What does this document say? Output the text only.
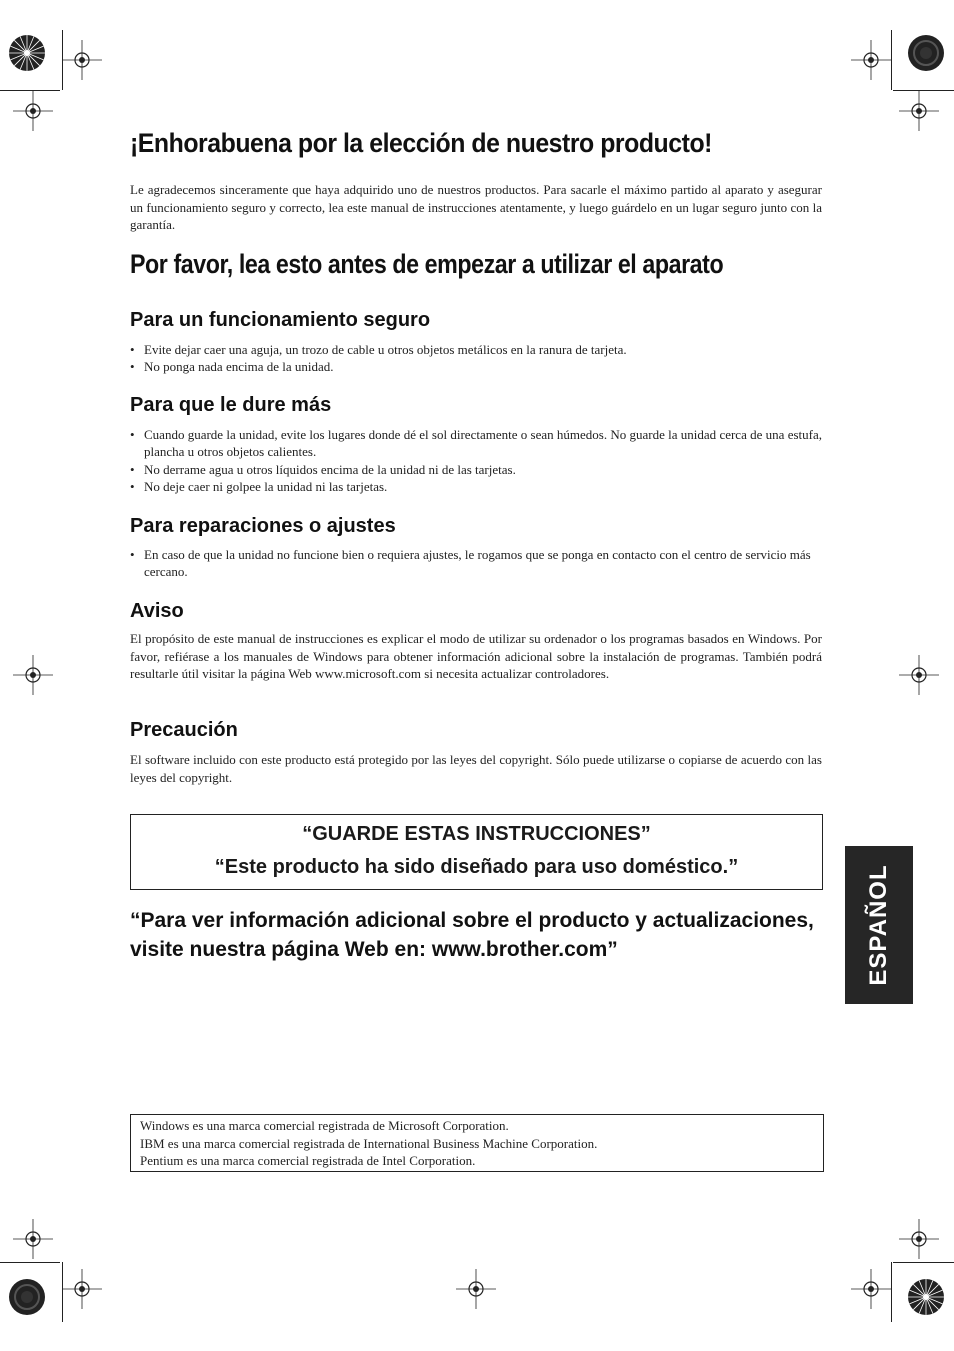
¡Enhorabuena por la elección de nuestro producto!

Le agradecemos sinceramente que haya adquirido uno de nuestros productos. Para sacarle el máximo partido al aparato y asegurar un funcionamiento seguro y correcto, lea este manual de instrucciones atentamente, y luego guárdelo en un lugar seguro junto con la garantía.

Por favor, lea esto antes de empezar a utilizar el aparato
Para un funcionamiento seguro
• Evite dejar caer una aguja, un trozo de cable u otros objetos metálicos en la ranura de tarjeta.
• No ponga nada encima de la unidad.
Para que le dure más
• Cuando guarde la unidad, evite los lugares donde dé el sol directamente o sean húmedos. No guarde la unidad cerca de una estufa, plancha u otros objetos calientes.
• No derrame agua u otros líquidos encima de la unidad ni de las tarjetas.
• No deje caer ni golpee la unidad ni las tarjetas.
Para reparaciones o ajustes
• En caso de que la unidad no funcione bien o requiera ajustes, le rogamos que se ponga en contacto con el centro de servicio más cercano.
Aviso

El propósito de este manual de instrucciones es explicar el modo de utilizar su ordenador o los programas basados en Windows. Por favor, refiérase a los manuales de Windows para obtener información adicional sobre la instalación de programas. También podrá resultarle útil visitar la página Web www.microsoft.com si necesita actualizar controladores.

Precaución

El software incluido con este producto está protegido por las leyes del copyright. Sólo puede utilizarse o copiarse de acuerdo con las leyes del copyright.

“GUARDE ESTAS INSTRUCCIONES”
“Este producto ha sido diseñado para uso doméstico.”

“Para ver información adicional sobre el producto y actualizaciones, visite nuestra página Web en: www.brother.com”	ESPAÑOL
Windows es una marca comercial registrada de Microsoft Corporation.
IBM es una marca comercial registrada de International Business Machine Corporation.
Pentium es una marca comercial registrada de Intel Corporation.
